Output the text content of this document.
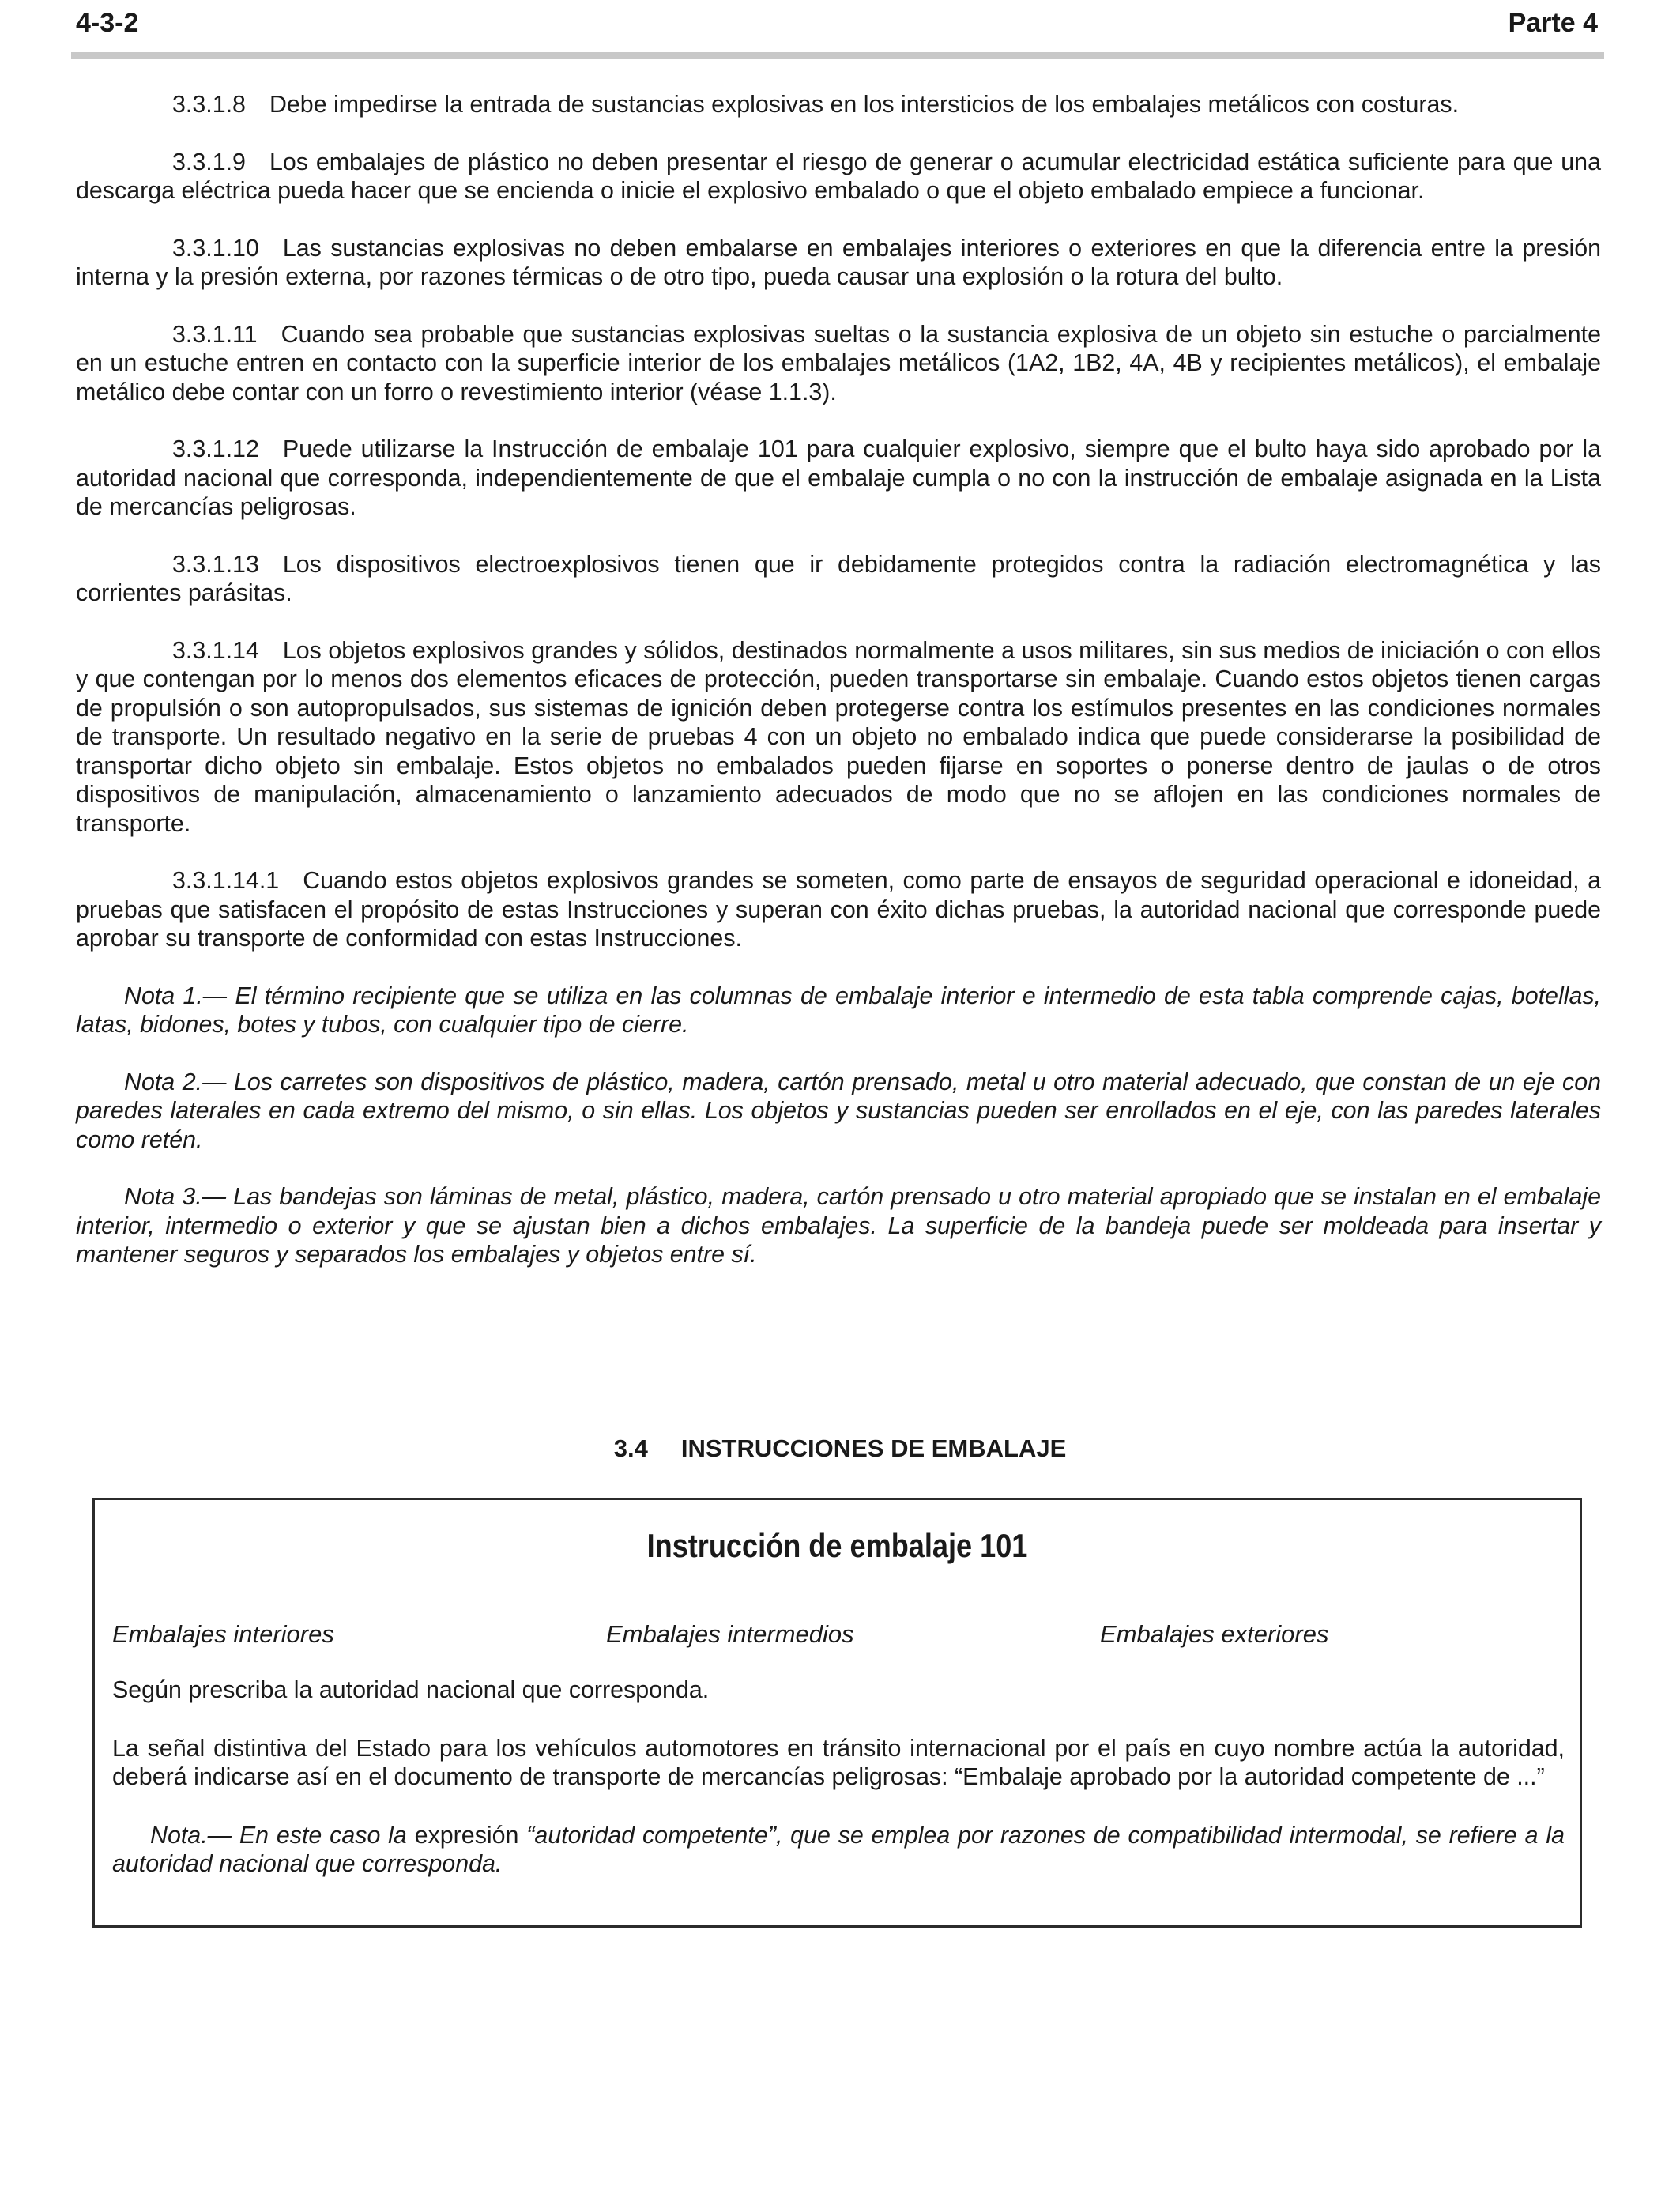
4-3-2	Parte 4

3.3.1.8 Debe impedirse la entrada de sustancias explosivas en los intersticios de los embalajes metálicos con costuras.

3.3.1.9 Los embalajes de plástico no deben presentar el riesgo de generar o acumular electricidad estática suficiente para que una descarga eléctrica pueda hacer que se encienda o inicie el explosivo embalado o que el objeto embalado empiece a funcionar.

3.3.1.10 Las sustancias explosivas no deben embalarse en embalajes interiores o exteriores en que la diferencia entre la presión interna y la presión externa, por razones térmicas o de otro tipo, pueda causar una explosión o la rotura del bulto.

3.3.1.11 Cuando sea probable que sustancias explosivas sueltas o la sustancia explosiva de un objeto sin estuche o parcialmente en un estuche entren en contacto con la superficie interior de los embalajes metálicos (1A2, 1B2, 4A, 4B y recipientes metálicos), el embalaje metálico debe contar con un forro o revestimiento interior (véase 1.1.3).

3.3.1.12 Puede utilizarse la Instrucción de embalaje 101 para cualquier explosivo, siempre que el bulto haya sido aprobado por la autoridad nacional que corresponda, independientemente de que el embalaje cumpla o no con la instrucción de embalaje asignada en la Lista de mercancías peligrosas.

3.3.1.13 Los dispositivos electroexplosivos tienen que ir debidamente protegidos contra la radiación electromagnética y las corrientes parásitas.

3.3.1.14 Los objetos explosivos grandes y sólidos, destinados normalmente a usos militares, sin sus medios de iniciación o con ellos y que contengan por lo menos dos elementos eficaces de protección, pueden transportarse sin embalaje. Cuando estos objetos tienen cargas de propulsión o son autopropulsados, sus sistemas de ignición deben protegerse contra los estímulos presentes en las condiciones normales de transporte. Un resultado negativo en la serie de pruebas 4 con un objeto no embalado indica que puede considerarse la posibilidad de transportar dicho objeto sin embalaje. Estos objetos no embalados pueden fijarse en soportes o ponerse dentro de jaulas o de otros dispositivos de manipulación, almacenamiento o lanzamiento adecuados de modo que no se aflojen en las condiciones normales de transporte.

3.3.1.14.1 Cuando estos objetos explosivos grandes se someten, como parte de ensayos de seguridad operacional e idoneidad, a pruebas que satisfacen el propósito de estas Instrucciones y superan con éxito dichas pruebas, la autoridad nacional que corresponde puede aprobar su transporte de conformidad con estas Instrucciones.

Nota 1.— El término recipiente que se utiliza en las columnas de embalaje interior e intermedio de esta tabla comprende cajas, botellas, latas, bidones, botes y tubos, con cualquier tipo de cierre.

Nota 2.— Los carretes son dispositivos de plástico, madera, cartón prensado, metal u otro material adecuado, que constan de un eje con paredes laterales en cada extremo del mismo, o sin ellas. Los objetos y sustancias pueden ser enrollados en el eje, con las paredes laterales como retén.

Nota 3.— Las bandejas son láminas de metal, plástico, madera, cartón prensado u otro material apropiado que se instalan en el embalaje interior, intermedio o exterior y que se ajustan bien a dichos embalajes. La superficie de la bandeja puede ser moldeada para insertar y mantener seguros y separados los embalajes y objetos entre sí.

3.4 INSTRUCCIONES DE EMBALAJE
Instrucción de embalaje 101
Embalajes interiores	Embalajes intermedios	Embalajes exteriores

Según prescriba la autoridad nacional que corresponda.

La señal distintiva del Estado para los vehículos automotores en tránsito internacional por el país en cuyo nombre actúa la autoridad, deberá indicarse así en el documento de transporte de mercancías peligrosas: “Embalaje aprobado por la autoridad competente de ...”

Nota.— En este caso la expresión “autoridad competente”, que se emplea por razones de compatibilidad intermodal, se refiere a la autoridad nacional que corresponda.
